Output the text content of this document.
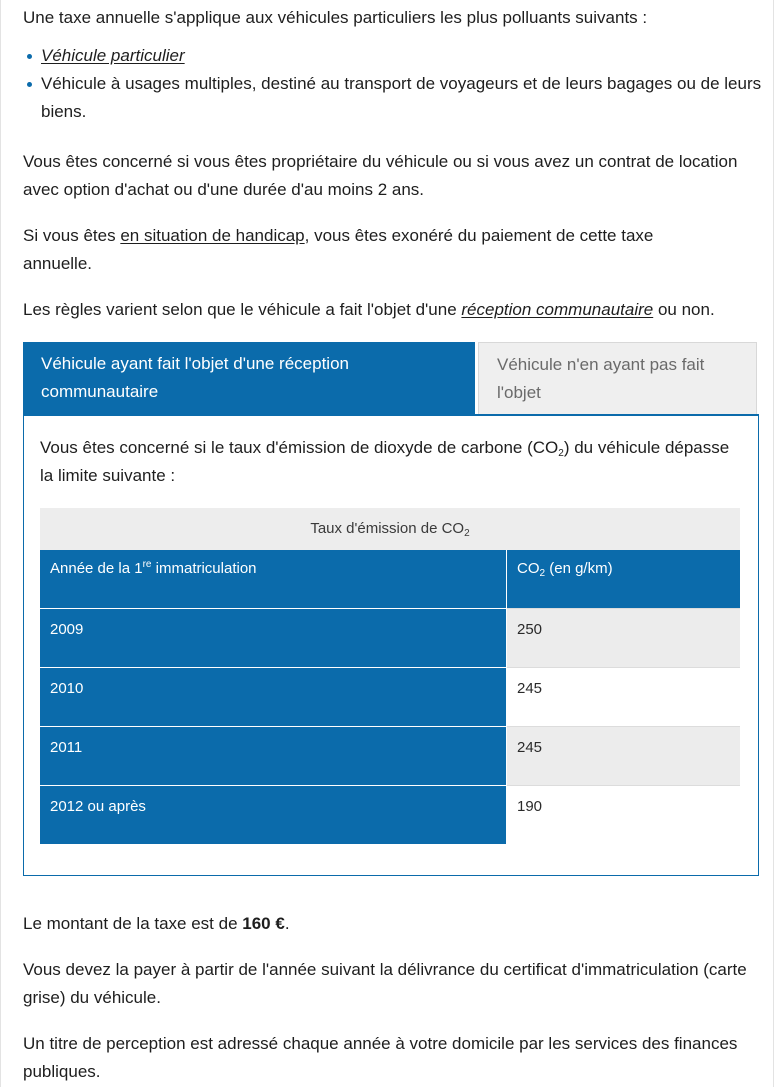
Une taxe annuelle s'applique aux véhicules particuliers les plus polluants suivants :

Véhicule particulier
Véhicule à usages multiples, destiné au transport de voyageurs et de leurs bagages ou de leurs biens.

Vous êtes concerné si vous êtes propriétaire du véhicule ou si vous avez un contrat de location avec option d'achat ou d'une durée d'au moins 2 ans.

Si vous êtes en situation de handicap, vous êtes exonéré du paiement de cette taxe annuelle.

Les règles varient selon que le véhicule a fait l'objet d'une réception communautaire ou non.

Véhicule ayant fait l'objet d'une réception communautaire
Véhicule n'en ayant pas fait l'objet

Vous êtes concerné si le taux d'émission de dioxyde de carbone $(CO_2)$ du véhicule dépasse la limite suivante :

Taux d'émission de $CO_2$
Année de la 1re immatriculation	$CO_2$ (en g/km)
2009	250
2010	245
2011	245
2012 ou après	190

Le montant de la taxe est de 160 €.

Vous devez la payer à partir de l'année suivant la délivrance du certificat d'immatriculation (carte grise) du véhicule.

Un titre de perception est adressé chaque année à votre domicile par les services des finances publiques.
